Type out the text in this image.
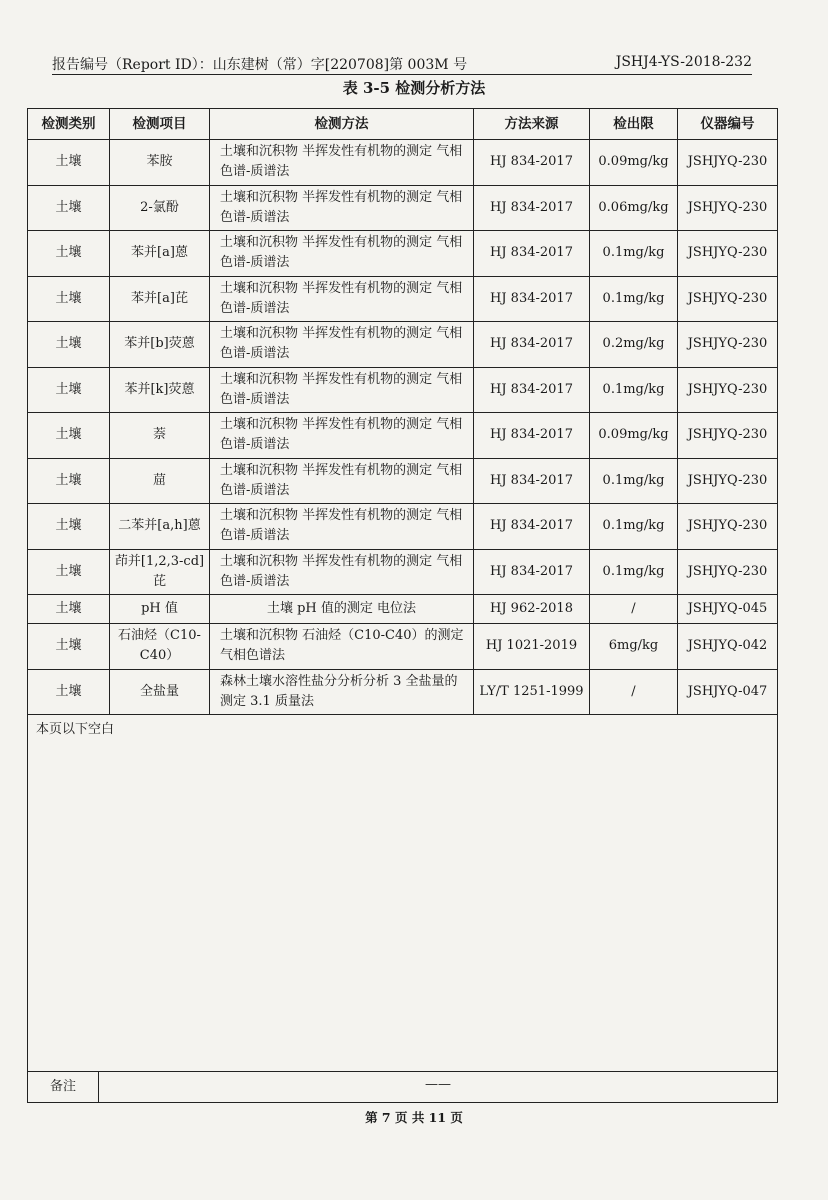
报告编号（Report ID）：山东建树（常）字[220708]第 003M 号	JSHJ4-YS-2018-232
表 3-5 检测分析方法
检测类别	检测项目	检测方法	方法来源	检出限	仪器编号
土壤	苯胺	土壤和沉积物 半挥发性有机物的测定 气相色谱-质谱法	HJ 834-2017	0.09mg/kg	JSHJYQ-230
土壤	2-氯酚	土壤和沉积物 半挥发性有机物的测定 气相色谱-质谱法	HJ 834-2017	0.06mg/kg	JSHJYQ-230
土壤	苯并[a]蒽	土壤和沉积物 半挥发性有机物的测定 气相色谱-质谱法	HJ 834-2017	0.1mg/kg	JSHJYQ-230
土壤	苯并[a]芘	土壤和沉积物 半挥发性有机物的测定 气相色谱-质谱法	HJ 834-2017	0.1mg/kg	JSHJYQ-230
土壤	苯并[b]荧蒽	土壤和沉积物 半挥发性有机物的测定 气相色谱-质谱法	HJ 834-2017	0.2mg/kg	JSHJYQ-230
土壤	苯并[k]荧蒽	土壤和沉积物 半挥发性有机物的测定 气相色谱-质谱法	HJ 834-2017	0.1mg/kg	JSHJYQ-230
土壤	萘	土壤和沉积物 半挥发性有机物的测定 气相色谱-质谱法	HJ 834-2017	0.09mg/kg	JSHJYQ-230
土壤	䓛	土壤和沉积物 半挥发性有机物的测定 气相色谱-质谱法	HJ 834-2017	0.1mg/kg	JSHJYQ-230
土壤	二苯并[a,h]蒽	土壤和沉积物 半挥发性有机物的测定 气相色谱-质谱法	HJ 834-2017	0.1mg/kg	JSHJYQ-230
土壤	茚并[1,2,3-cd]芘	土壤和沉积物 半挥发性有机物的测定 气相色谱-质谱法	HJ 834-2017	0.1mg/kg	JSHJYQ-230
土壤	pH 值	土壤 pH 值的测定 电位法	HJ 962-2018	/	JSHJYQ-045
土壤	石油烃（C10-C40）	土壤和沉积物 石油烃（C10-C40）的测定 气相色谱法	HJ 1021-2019	6mg/kg	JSHJYQ-042
土壤	全盐量	森林土壤水溶性盐分分析分析 3 全盐量的测定 3.1 质量法	LY/T 1251-1999	/	JSHJYQ-047
本页以下空白
备注	——
第 7 页 共 11 页
